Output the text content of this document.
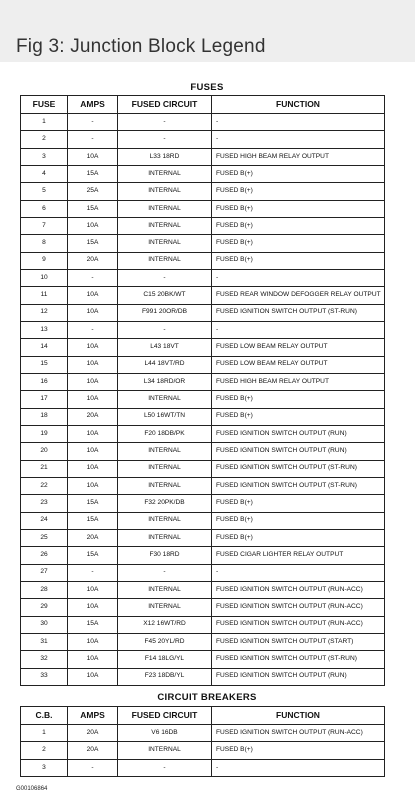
Fig 3: Junction Block Legend
FUSES
FUSE	AMPS	FUSED CIRCUIT	FUNCTION
1	-	-	-
2	-	-	-
3	10A	L33 18RD	FUSED HIGH BEAM RELAY OUTPUT
4	15A	INTERNAL	FUSED B(+)
5	25A	INTERNAL	FUSED B(+)
6	15A	INTERNAL	FUSED B(+)
7	10A	INTERNAL	FUSED B(+)
8	15A	INTERNAL	FUSED B(+)
9	20A	INTERNAL	FUSED B(+)
10	-	-	-
11	10A	C15 20BK/WT	FUSED REAR WINDOW DEFOGGER RELAY OUTPUT
12	10A	F991 20OR/DB	FUSED IGNITION SWITCH OUTPUT (ST-RUN)
13	-	-	-
14	10A	L43 18VT	FUSED LOW BEAM RELAY OUTPUT
15	10A	L44 18VT/RD	FUSED LOW BEAM RELAY OUTPUT
16	10A	L34 18RD/OR	FUSED HIGH BEAM RELAY OUTPUT
17	10A	INTERNAL	FUSED B(+)
18	20A	L50 16WT/TN	FUSED B(+)
19	10A	F20 18DB/PK	FUSED IGNITION SWITCH OUTPUT (RUN)
20	10A	INTERNAL	FUSED IGNITION SWITCH OUTPUT (RUN)
21	10A	INTERNAL	FUSED IGNITION SWITCH OUTPUT (ST-RUN)
22	10A	INTERNAL	FUSED IGNITION SWITCH OUTPUT (ST-RUN)
23	15A	F32 20PK/DB	FUSED B(+)
24	15A	INTERNAL	FUSED B(+)
25	20A	INTERNAL	FUSED B(+)
26	15A	F30 18RD	FUSED CIGAR LIGHTER RELAY OUTPUT
27	-	-	-
28	10A	INTERNAL	FUSED IGNITION SWITCH OUTPUT (RUN-ACC)
29	10A	INTERNAL	FUSED IGNITION SWITCH OUTPUT (RUN-ACC)
30	15A	X12 16WT/RD	FUSED IGNITION SWITCH OUTPUT (RUN-ACC)
31	10A	F45 20YL/RD	FUSED IGNITION SWITCH OUTPUT (START)
32	10A	F14 18LG/YL	FUSED IGNITION SWITCH OUTPUT (ST-RUN)
33	10A	F23 18DB/YL	FUSED IGNITION SWITCH OUTPUT (RUN)
CIRCUIT BREAKERS
C.B.	AMPS	FUSED CIRCUIT	FUNCTION
1	20A	V6 16DB	FUSED IGNITION SWITCH OUTPUT (RUN-ACC)
2	20A	INTERNAL	FUSED B(+)
3	-	-	-
G00106864
